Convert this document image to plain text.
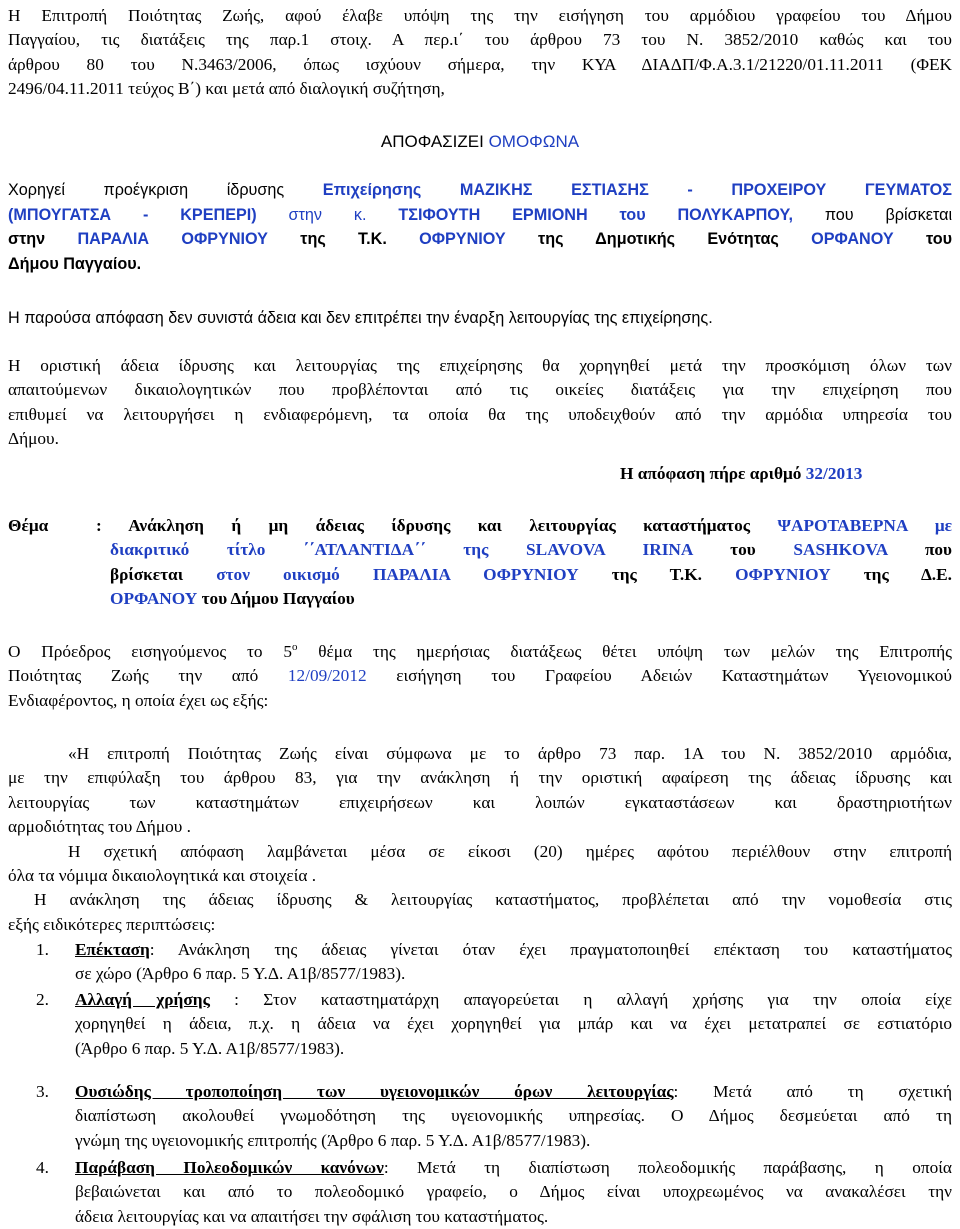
Η Επιτροπή Ποιότητας Ζωής, αφού έλαβε υπόψη της την εισήγηση του αρμόδιου γραφείου του Δήμου
Παγγαίου, τις διατάξεις της παρ.1 στοιχ. Α περ.ι΄ του άρθρου 73 του Ν. 3852/2010 καθώς και του
άρθρου 80 του Ν.3463/2006, όπως ισχύουν σήμερα, την ΚΥΑ ΔΙΑΔΠ/Φ.Α.3.1/21220/01.11.2011 (ΦΕΚ
2496/04.11.2011 τεύχος Β΄) και μετά από διαλογική συζήτηση,
ΑΠΟΦΑΣΙΖΕΙ ΟΜΟΦΩΝΑ
Χορηγεί προέγκριση ίδρυσης Επιχείρησης ΜΑΖΙΚΗΣ ΕΣΤΙΑΣΗΣ - ΠΡΟΧΕΙΡΟΥ ΓΕΥΜΑΤΟΣ
(ΜΠΟΥΓΑΤΣΑ - ΚΡΕΠΕΡΙ) στην κ. ΤΣΙΦΟΥΤΗ ΕΡΜΙΟΝΗ του ΠΟΛΥΚΑΡΠΟΥ, που βρίσκεται
στην ΠΑΡΑΛΙΑ ΟΦΡΥΝΙΟΥ της Τ.Κ. ΟΦΡΥΝΙΟΥ της Δημοτικής Ενότητας ΟΡΦΑΝΟΥ του
Δήμου Παγγαίου.
Η παρούσα απόφαση δεν συνιστά άδεια και δεν επιτρέπει την έναρξη λειτουργίας της επιχείρησης.
Η οριστική άδεια ίδρυσης και λειτουργίας της επιχείρησης θα χορηγηθεί μετά την προσκόμιση όλων των
απαιτούμενων δικαιολογητικών που προβλέπονται από τις οικείες διατάξεις για την επιχείρηση που
επιθυμεί να λειτουργήσει η ενδιαφερόμενη, τα οποία θα της υποδειχθούν από την αρμόδια υπηρεσία του
Δήμου.
Η απόφαση πήρε αριθμό 32/2013
Θέμα	: Ανάκληση ή μη άδειας ίδρυσης και λειτουργίας καταστήματος ΨΑΡΟΤΑΒΕΡΝΑ με
διακριτικό τίτλο ΄΄ΑΤΛΑΝΤΙΔΑ΄΄ της SLAVOVA IRINA του SASHKOVA που
βρίσκεται στον οικισμό ΠΑΡΑΛΙΑ ΟΦΡΥΝΙΟΥ της Τ.Κ. ΟΦΡΥΝΙΟΥ της Δ.Ε.
ΟΡΦΑΝΟΥ του Δήμου Παγγαίου
Ο Πρόεδρος εισηγούμενος το $5^o$ θέμα της ημερήσιας διατάξεως θέτει υπόψη των μελών της Επιτροπής
Ποιότητας Ζωής την από 12/09/2012 εισήγηση του Γραφείου Αδειών Καταστημάτων Υγειονομικού
Ενδιαφέροντος, η οποία έχει ως εξής:
«Η επιτροπή Ποιότητας Ζωής είναι σύμφωνα με το άρθρο 73 παρ. 1Α του Ν. 3852/2010 αρμόδια,
με την επιφύλαξη του άρθρου 83, για την ανάκληση ή την οριστική αφαίρεση της άδειας ίδρυσης και
λειτουργίας των καταστημάτων επιχειρήσεων και λοιπών εγκαταστάσεων και δραστηριοτήτων
αρμοδιότητας του Δήμου .
Η σχετική απόφαση λαμβάνεται μέσα σε είκοσι (20) ημέρες αφότου περιέλθουν στην επιτροπή
όλα τα νόμιμα δικαιολογητικά και στοιχεία .
Η ανάκληση της άδειας ίδρυσης & λειτουργίας καταστήματος, προβλέπεται από την νομοθεσία στις
εξής ειδικότερες περιπτώσεις:
1. Επέκταση: Ανάκληση της άδειας γίνεται όταν έχει πραγματοποιηθεί επέκταση του καταστήματος
σε χώρο (Άρθρο 6 παρ. 5 Υ.Δ. Α1β/8577/1983).
2. Αλλαγή χρήσης : Στον καταστηματάρχη απαγορεύεται η αλλαγή χρήσης για την οποία είχε
χορηγηθεί η άδεια, π.χ. η άδεια να έχει χορηγηθεί για μπάρ και να έχει μετατραπεί σε εστιατόριο
(Άρθρο 6 παρ. 5 Υ.Δ. Α1β/8577/1983).
3. Ουσιώδης τροποποίηση των υγειονομικών όρων λειτουργίας: Μετά από τη σχετική
διαπίστωση ακολουθεί γνωμοδότηση της υγειονομικής υπηρεσίας. Ο Δήμος δεσμεύεται από τη
γνώμη της υγειονομικής επιτροπής (Άρθρο 6 παρ. 5 Υ.Δ. Α1β/8577/1983).
4. Παράβαση Πολεοδομικών κανόνων: Μετά τη διαπίστωση πολεοδομικής παράβασης, η οποία
βεβαιώνεται και από το πολεοδομικό γραφείο, ο Δήμος είναι υποχρεωμένος να ανακαλέσει την
άδεια λειτουργίας και να απαιτήσει την σφάλιση του καταστήματος.
